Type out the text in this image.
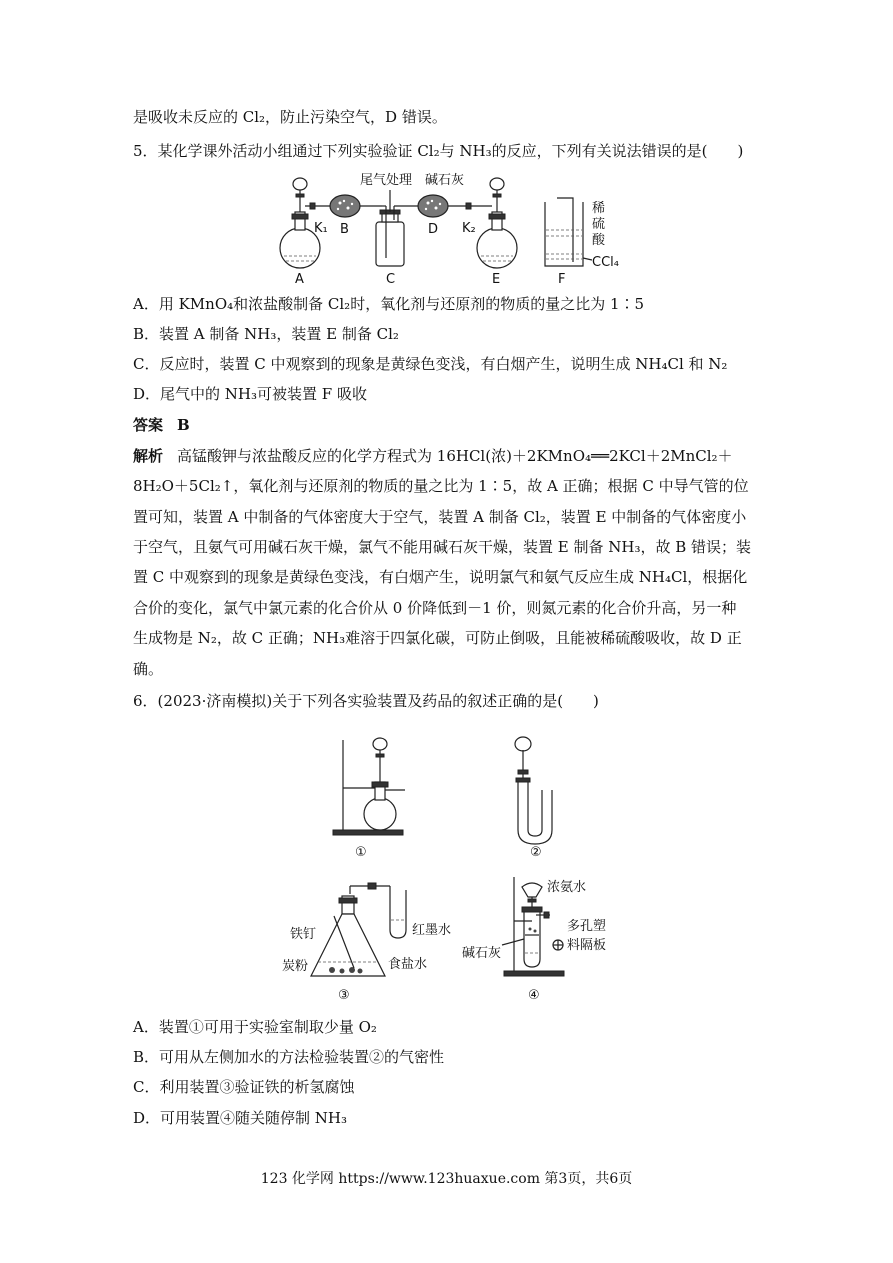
是吸收未反应的 Cl₂，防止污染空气，D 错误。
5．某化学课外活动小组通过下列实验验证 Cl₂与 NH₃的反应，下列有关说法错误的是(　　)
A
B
C
D
E	F
K₁	K₂
尾气处理 碱石灰
稀
硫
酸
CCl₄
A．用 KMnO₄和浓盐酸制备 Cl₂时，氧化剂与还原剂的物质的量之比为 1∶5
B．装置 A 制备 NH₃，装置 E 制备 Cl₂
C．反应时，装置 C 中观察到的现象是黄绿色变浅，有白烟产生，说明生成 NH₄Cl 和 N₂
D．尾气中的 NH₃可被装置 F 吸收
答案 B
解析 高锰酸钾与浓盐酸反应的化学方程式为 16HCl(浓)＋2KMnO₄══2KCl＋2MnCl₂＋
8H₂O＋5Cl₂↑，氧化剂与还原剂的物质的量之比为 1∶5，故 A 正确；根据 C 中导气管的位
置可知，装置 A 中制备的气体密度大于空气，装置 A 制备 Cl₂，装置 E 中制备的气体密度小
于空气，且氨气可用碱石灰干燥，氯气不能用碱石灰干燥，装置 E 制备 NH₃，故 B 错误；装
置 C 中观察到的现象是黄绿色变浅，有白烟产生，说明氯气和氨气反应生成 NH₄Cl，根据化
合价的变化，氯气中氯元素的化合价从 0 价降低到－1 价，则氮元素的化合价升高，另一种
生成物是 N₂，故 C 正确；NH₃难溶于四氯化碳，可防止倒吸，且能被稀硫酸吸收，故 D 正
确。
6．(2023·济南模拟)关于下列各实验装置及药品的叙述正确的是(　　)
①	②
铁钉
炭粉
红墨水
食盐水
③
浓氨水
多孔塑
料隔板
碱石灰
④
A．装置①可用于实验室制取少量 O₂
B．可用从左侧加水的方法检验装置②的气密性
C．利用装置③验证铁的析氢腐蚀
D．可用装置④随关随停制 NH₃
123 化学网 https://www.123huaxue.com 第3页，共6页
